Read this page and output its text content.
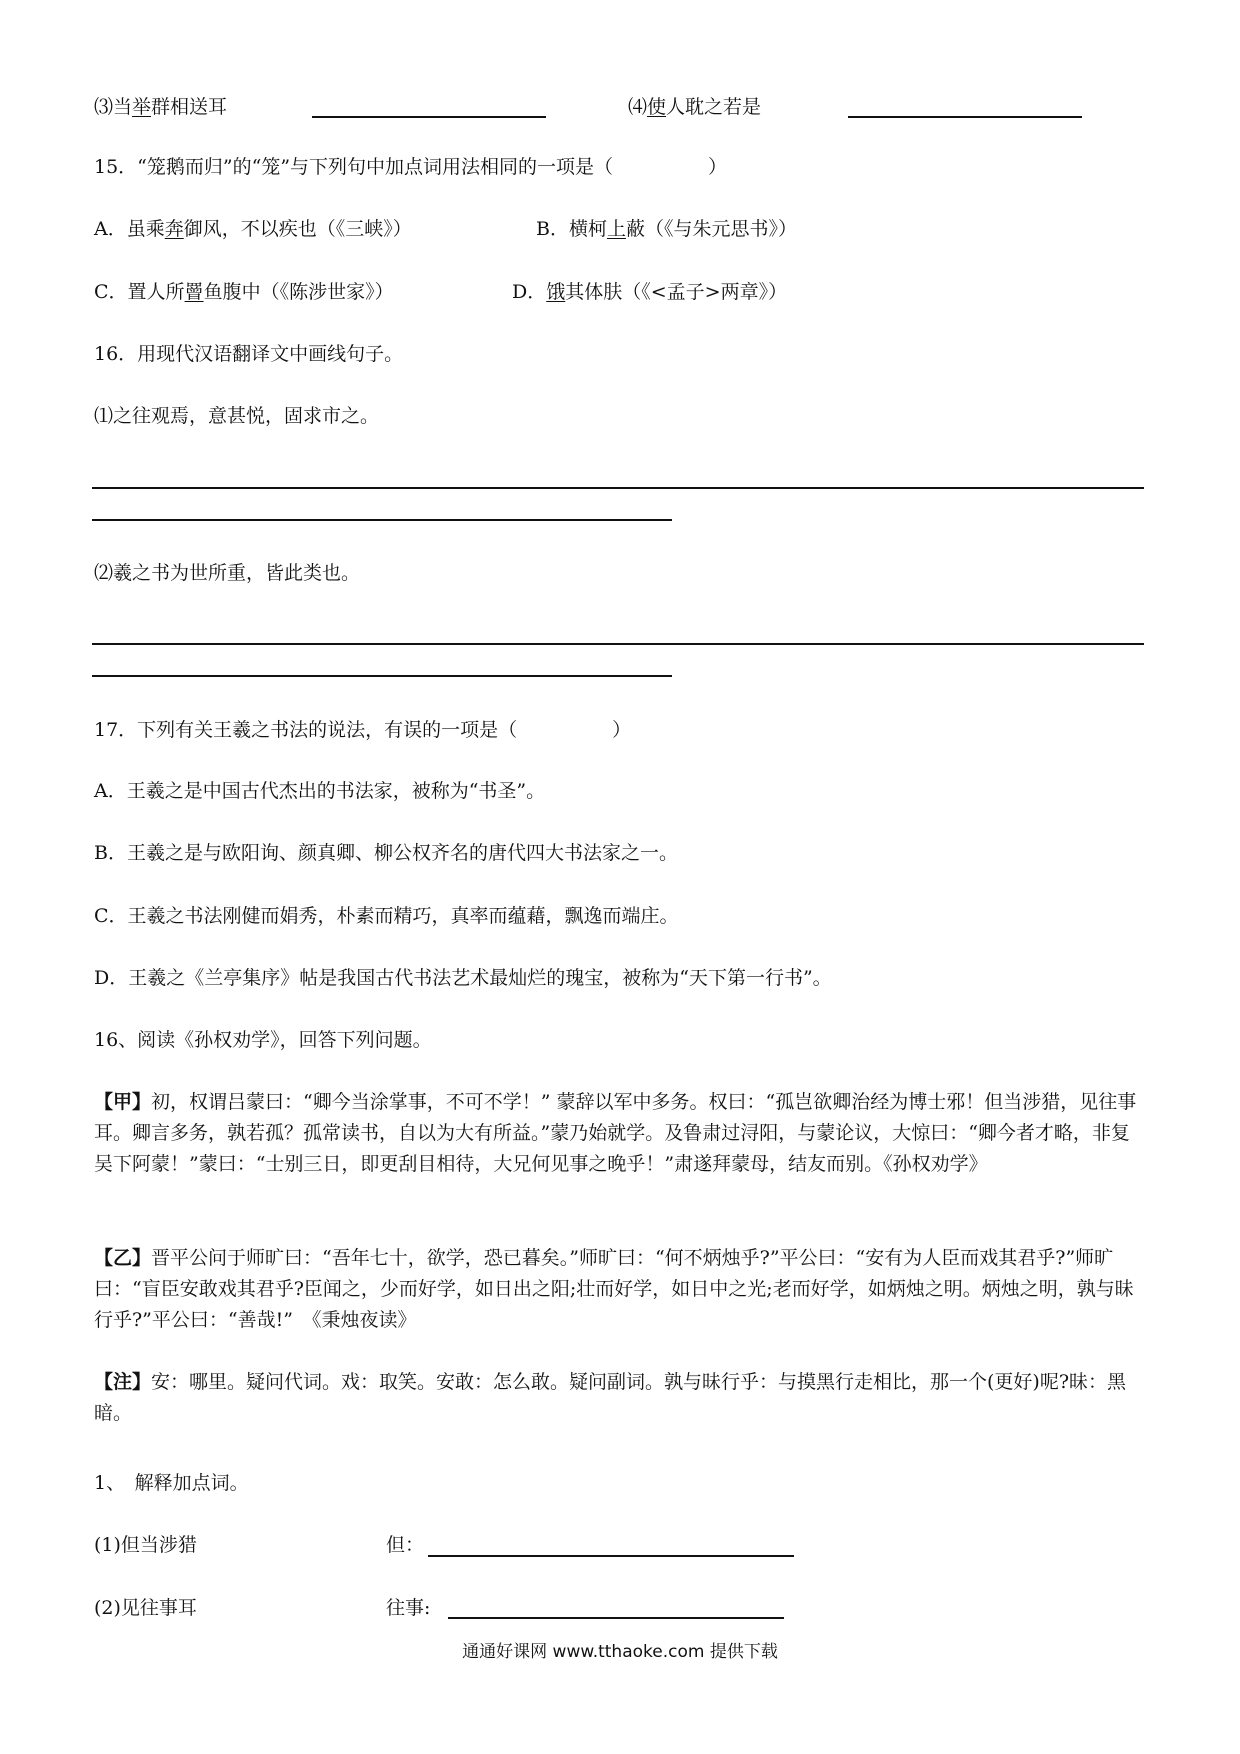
⑶当举群相送耳	⑷使人耽之若是
15．“笼鹅而归”的“笼”与下列句中加点词用法相同的一项是（　　　　　）
A．虽乘奔御风，不以疾也（《三峡》）	B．横柯上蔽（《与朱元思书》）
C．置人所罾鱼腹中（《陈涉世家》）	D．饿其体肤（《<孟子>两章》）
16．用现代汉语翻译文中画线句子。
⑴之往观焉，意甚悦，固求市之。
⑵羲之书为世所重，皆此类也。
17．下列有关王羲之书法的说法，有误的一项是（　　　　　）
A．王羲之是中国古代杰出的书法家，被称为“书圣”。
B．王羲之是与欧阳询、颜真卿、柳公权齐名的唐代四大书法家之一。
C．王羲之书法刚健而娟秀，朴素而精巧，真率而蕴藉，飘逸而端庄。
D．王羲之《兰亭集序》帖是我国古代书法艺术最灿烂的瑰宝，被称为“天下第一行书”。
16、阅读《孙权劝学》，回答下列问题。
【甲】初，权谓吕蒙曰：“卿今当涂掌事，不可不学！” 蒙辞以军中多务。权曰：“孤岂欲卿治经为博士邪！但当涉猎，见往事耳。卿言多务，孰若孤？孤常读书，自以为大有所益。”蒙乃始就学。及鲁肃过浔阳，与蒙论议，大惊曰：“卿今者才略，非复吴下阿蒙！”蒙曰：“士别三日，即更刮目相待，大兄何见事之晚乎！”肃遂拜蒙母，结友而别。《孙权劝学》
【乙】晋平公问于师旷曰：“吾年七十，欲学，恐已暮矣。”师旷曰：“何不炳烛乎?”平公曰：“安有为人臣而戏其君乎?”师旷曰：“盲臣安敢戏其君乎?臣闻之，少而好学，如日出之阳;壮而好学，如日中之光;老而好学，如炳烛之明。炳烛之明，孰与昧行乎?”平公曰：“善哉!”　《秉烛夜读》
【注】安：哪里。疑问代词。戏：取笑。安敢：怎么敢。疑问副词。孰与昧行乎：与摸黑行走相比，那一个(更好)呢?昧：黑暗。
1、　解释加点词。
(1)但当涉猎	但：
(2)见往事耳	往事:
通通好课网 www.tthaoke.com 提供下载
